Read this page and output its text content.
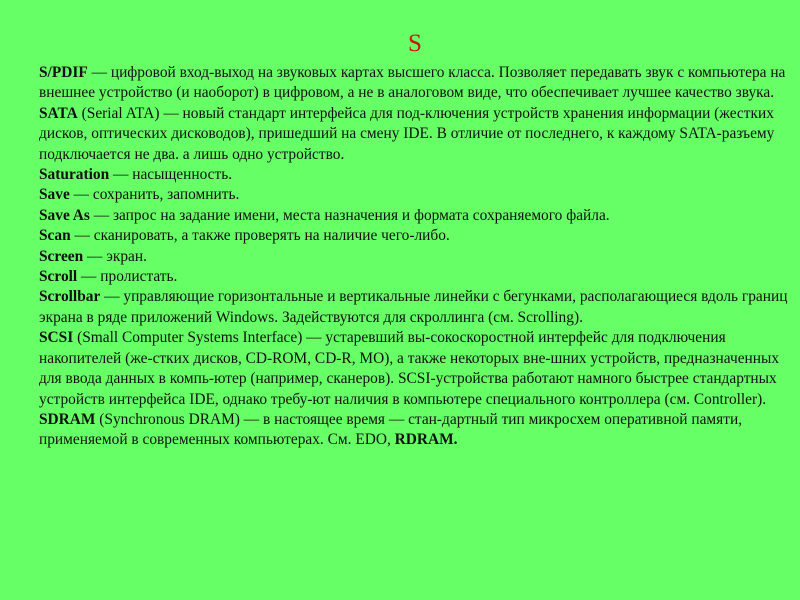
S

S/PDIF — цифровой вход-выход на звуковых картах высшего класса. Позволяет передавать звук с компьютера на внешнее устройство (и наоборот) в цифровом, а не в аналоговом виде, что обеспечивает лучшее качество звука.

SATA (Serial ATA) — новый стандарт интерфейса для под-ключения устройств хранения информации (жестких дисков, оптических дисководов), пришедший на смену IDE. В отличие от последнего, к каждому SATA-разъему подключается не два. а лишь одно устройство.

Saturation — насыщенность.

Save — сохранить, запомнить.

Save As — запрос на задание имени, места назначения и формата сохраняемого файла.

Scan — сканировать, а также проверять на наличие чего-либо.

Screen — экран.

Scroll — пролистать.

Scrollbar — управляющие горизонтальные и вертикальные линейки с бегунками, располагающиеся вдоль границ экрана в ряде приложений Windows. Задействуются для скроллинга (см. Scrolling).

SCSI (Small Computer Systems Interface) — устаревший вы-сокоскоростной интерфейс для подключения накопителей (же-стких дисков, CD-ROM, CD-R, МО), а также некоторых вне-шних устройств, предназначенных для ввода данных в компь-ютер (например, сканеров). SCSI-устройства работают намного быстрее стандартных устройств интерфейса IDE, однако требу-ют наличия в компьютере специального контроллера (см. Controller).

SDRAM (Synchronous DRAM) — в настоящее время — стан-дартный тип микросхем оперативной памяти, применяемой в современных компьютерах. См. EDO, RDRAM.
